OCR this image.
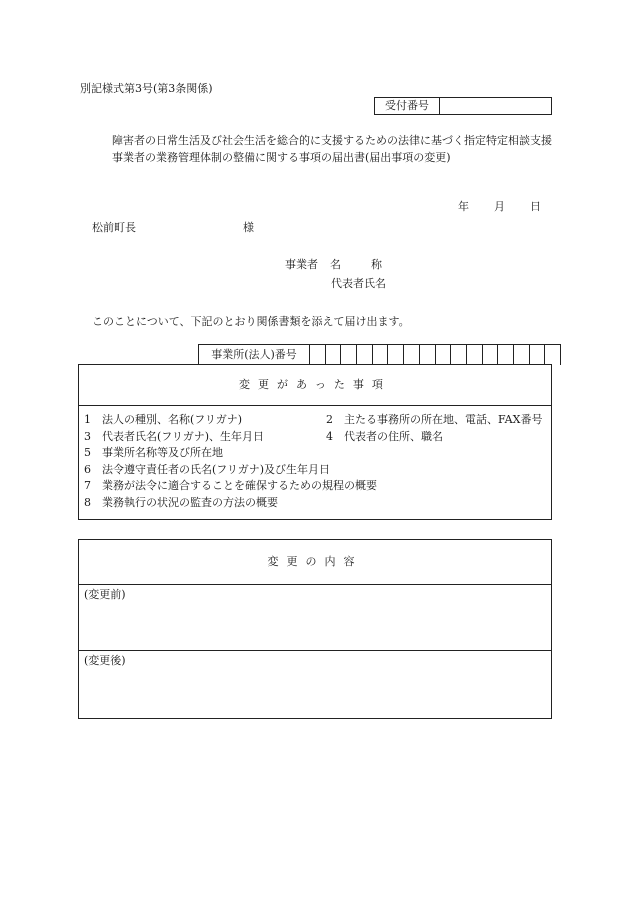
別記様式第3号(第3条関係)
受付番号
障害者の日常生活及び社会生活を総合的に支援するための法律に基づく指定特定相談支援事業者の業務管理体制の整備に関する事項の届出書(届出事項の変更)
年 月 日
松前町長	様
事業者 名称
代表者氏名
このことについて、下記のとおり関係書類を添えて届け出ます。
事業所(法人)番号
変更があった事項
1 法人の種別、名称(フリガナ)	2 主たる事務所の所在地、電話、FAX番号
3 代表者氏名(フリガナ)、生年月日	4 代表者の住所、職名
5 事業所名称等及び所在地
6 法令遵守責任者の氏名(フリガナ)及び生年月日
7 業務が法令に適合することを確保するための規程の概要
8 業務執行の状況の監査の方法の概要
変更の内容
(変更前)
(変更後)
